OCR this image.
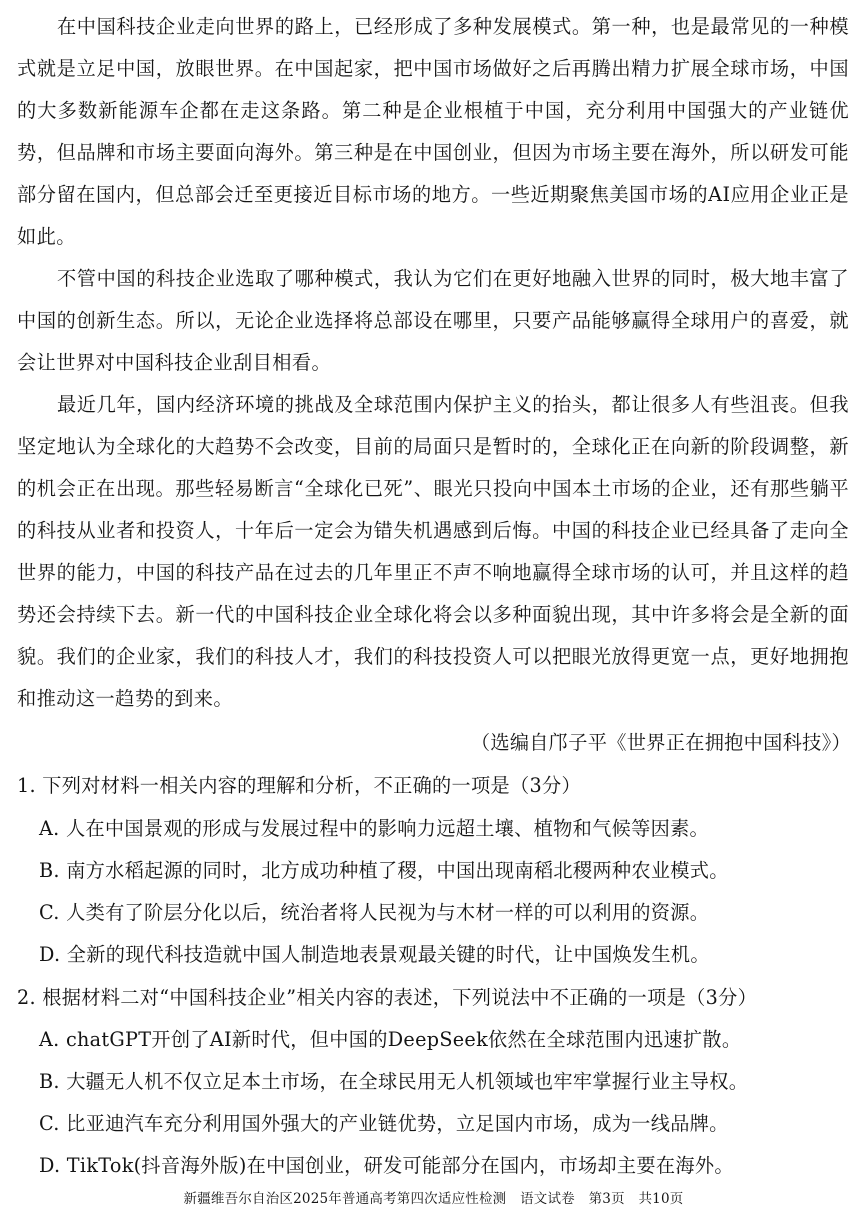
在中国科技企业走向世界的路上，已经形成了多种发展模式。第一种，也是最常见的一种模式就是立足中国，放眼世界。在中国起家，把中国市场做好之后再腾出精力扩展全球市场，中国的大多数新能源车企都在走这条路。第二种是企业根植于中国，充分利用中国强大的产业链优势，但品牌和市场主要面向海外。第三种是在中国创业，但因为市场主要在海外，所以研发可能部分留在国内，但总部会迁至更接近目标市场的地方。一些近期聚焦美国市场的AI应用企业正是如此。

不管中国的科技企业选取了哪种模式，我认为它们在更好地融入世界的同时，极大地丰富了中国的创新生态。所以，无论企业选择将总部设在哪里，只要产品能够赢得全球用户的喜爱，就会让世界对中国科技企业刮目相看。

最近几年，国内经济环境的挑战及全球范围内保护主义的抬头，都让很多人有些沮丧。但我坚定地认为全球化的大趋势不会改变，目前的局面只是暂时的，全球化正在向新的阶段调整，新的机会正在出现。那些轻易断言“全球化已死”、眼光只投向中国本土市场的企业，还有那些躺平的科技从业者和投资人，十年后一定会为错失机遇感到后悔。中国的科技企业已经具备了走向全世界的能力，中国的科技产品在过去的几年里正不声不响地赢得全球市场的认可，并且这样的趋势还会持续下去。新一代的中国科技企业全球化将会以多种面貌出现，其中许多将会是全新的面貌。我们的企业家，我们的科技人才，我们的科技投资人可以把眼光放得更宽一点，更好地拥抱和推动这一趋势的到来。

（选编自邝子平《世界正在拥抱中国科技》）
1. 下列对材料一相关内容的理解和分析，不正确的一项是（3分）
A. 人在中国景观的形成与发展过程中的影响力远超土壤、植物和气候等因素。
B. 南方水稻起源的同时，北方成功种植了稷，中国出现南稻北稷两种农业模式。
C. 人类有了阶层分化以后，统治者将人民视为与木材一样的可以利用的资源。
D. 全新的现代科技造就中国人制造地表景观最关键的时代，让中国焕发生机。
2. 根据材料二对“中国科技企业”相关内容的表述，下列说法中不正确的一项是（3分）
A. chatGPT开创了AI新时代，但中国的DeepSeek依然在全球范围内迅速扩散。
B. 大疆无人机不仅立足本土市场，在全球民用无人机领域也牢牢掌握行业主导权。
C. 比亚迪汽车充分利用国外强大的产业链优势，立足国内市场，成为一线品牌。
D. TikTok(抖音海外版)在中国创业，研发可能部分在国内，市场却主要在海外。
新疆维吾尔自治区2025年普通高考第四次适应性检测　语文试卷　第3页　共10页
